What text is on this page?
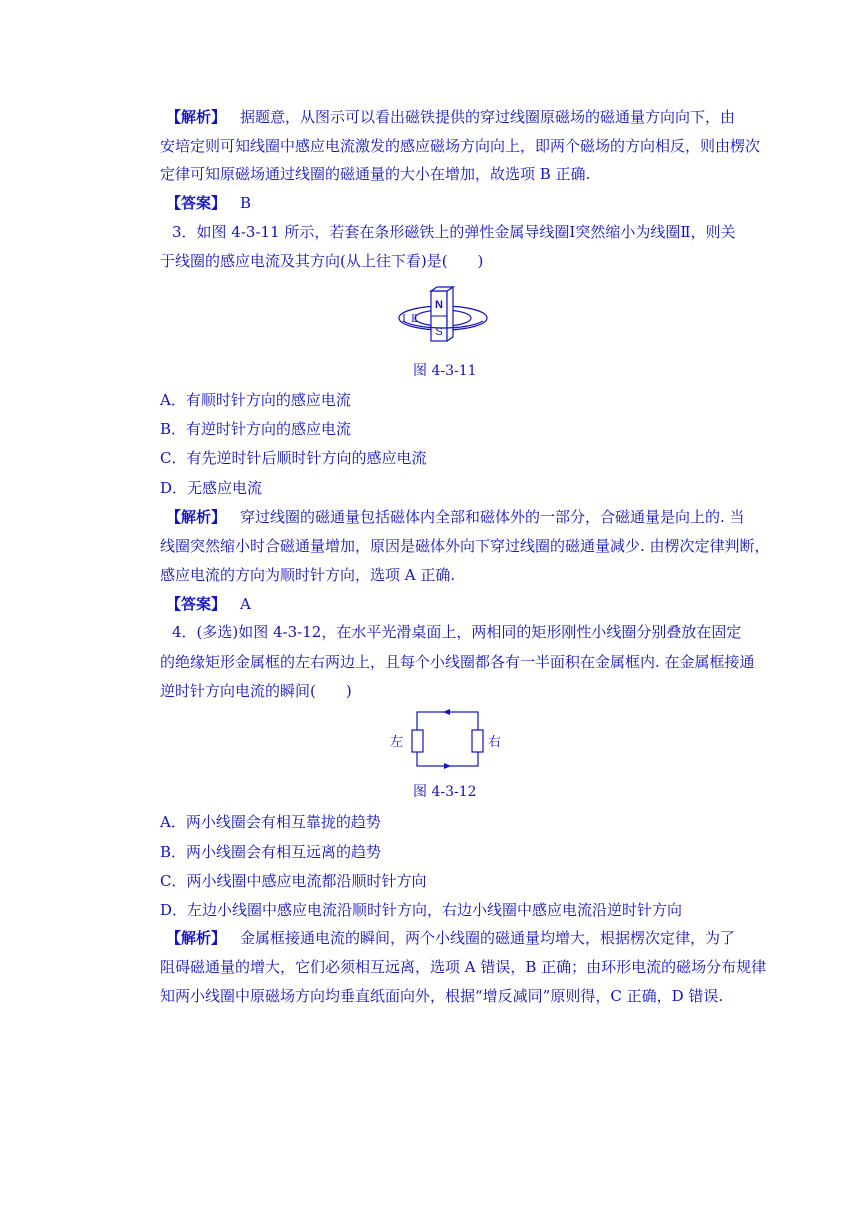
【解析】 据题意，从图示可以看出磁铁提供的穿过线圈原磁场的磁通量方向向下，由
安培定则可知线圈中感应电流激发的感应磁场方向向上，即两个磁场的方向相反，则由楞次
定律可知原磁场通过线圈的磁通量的大小在增加，故选项 B 正确.
【答案】 B
3．如图 4-3-11 所示，若套在条形磁铁上的弹性金属导线圈Ⅰ突然缩小为线圈Ⅱ，则关
于线圈的感应电流及其方向(从上往下看)是(　　)
N
S
Ⅰ Ⅱ
图 4-3-11
A．有顺时针方向的感应电流
B．有逆时针方向的感应电流
C．有先逆时针后顺时针方向的感应电流
D．无感应电流
【解析】 穿过线圈的磁通量包括磁体内全部和磁体外的一部分，合磁通量是向上的. 当
线圈突然缩小时合磁通量增加，原因是磁体外向下穿过线圈的磁通量减少. 由楞次定律判断，
感应电流的方向为顺时针方向，选项 A 正确.
【答案】 A
4．(多选)如图 4-3-12，在水平光滑桌面上，两相同的矩形刚性小线圈分别叠放在固定
的绝缘矩形金属框的左右两边上，且每个小线圈都各有一半面积在金属框内. 在金属框接通
逆时针方向电流的瞬间(　　)
左	右
图 4-3-12
A．两小线圈会有相互靠拢的趋势
B．两小线圈会有相互远离的趋势
C．两小线圈中感应电流都沿顺时针方向
D．左边小线圈中感应电流沿顺时针方向，右边小线圈中感应电流沿逆时针方向
【解析】 金属框接通电流的瞬间，两个小线圈的磁通量均增大，根据楞次定律，为了
阻碍磁通量的增大，它们必须相互远离，选项 A 错误，B 正确；由环形电流的磁场分布规律
知两小线圈中原磁场方向均垂直纸面向外，根据“增反减同”原则得，C 正确，D 错误.
